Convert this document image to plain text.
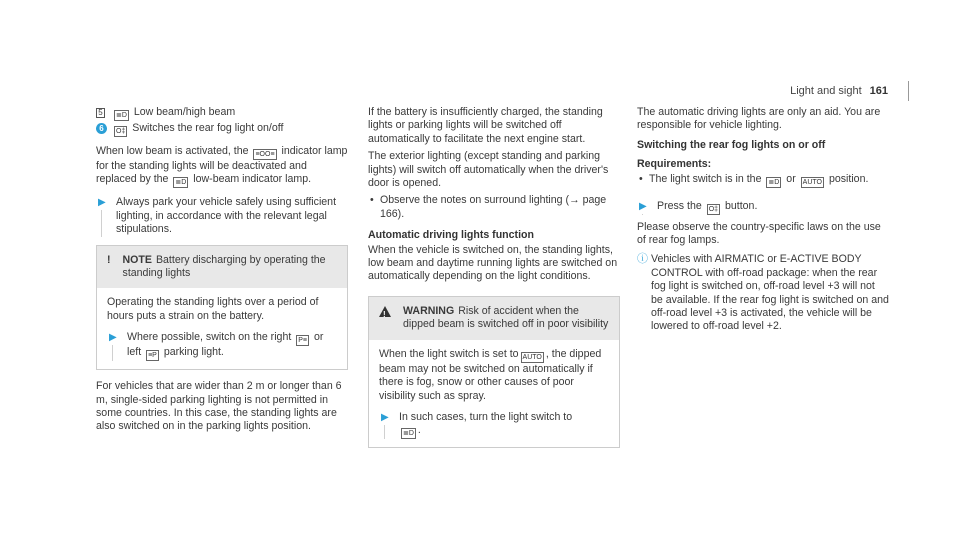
Light and sight 161
5	≣D Low beam/high beam
6	O‡ Switches the rear fog light on/off

When low beam is activated, the ≡OO≡ indicator lamp for the standing lights will be deactivated and replaced by the ≣D low-beam indicator lamp.

▶ Always park your vehicle safely using sufficient lighting, in accordance with the relevant legal stipulations.
! NOTE Battery discharging by operating the standing lights

Operating the standing lights over a period of hours puts a strain on the battery.

▶ Where possible, switch on the right P≡ or left ≡P parking light.

For vehicles that are wider than 2 m or longer than 6 m, single-sided parking lighting is not permitted in some countries. In this case, the standing lights are also switched on in the parking lights position.

If the battery is insufficiently charged, the standing lights or parking lights will be switched off automatically to facilitate the next engine start.

The exterior lighting (except standing and parking lights) will switch off automatically when the driver's door is opened.

• Observe the notes on surround lighting (→ page 166).
Automatic driving lights function

When the vehicle is switched on, the standing lights, low beam and daytime running lights are switched on automatically depending on the light conditions.

!
WARNING Risk of accident when the dipped beam is switched off in poor visibility

When the light switch is set to AUTO , the dipped beam may not be switched on automatically if there is fog, snow or other causes of poor visibility such as spray.

▶ In such cases, turn the light switch to
≣D .

The automatic driving lights are only an aid. You are responsible for vehicle lighting.

Switching the rear fog lights on or off
Requirements:
• The light switch is in the ≣D or AUTO position.
▶ Press the O‡ button.

Please observe the country-specific laws on the use of rear fog lamps.

ⓘ Vehicles with AIRMATIC or E-ACTIVE BODY CONTROL with off-road package: when the rear fog light is switched on, off-road level +3 will not be available. If the rear fog light is switched on and off-road level +3 is activated, the vehicle will be lowered to off-road level +2.
